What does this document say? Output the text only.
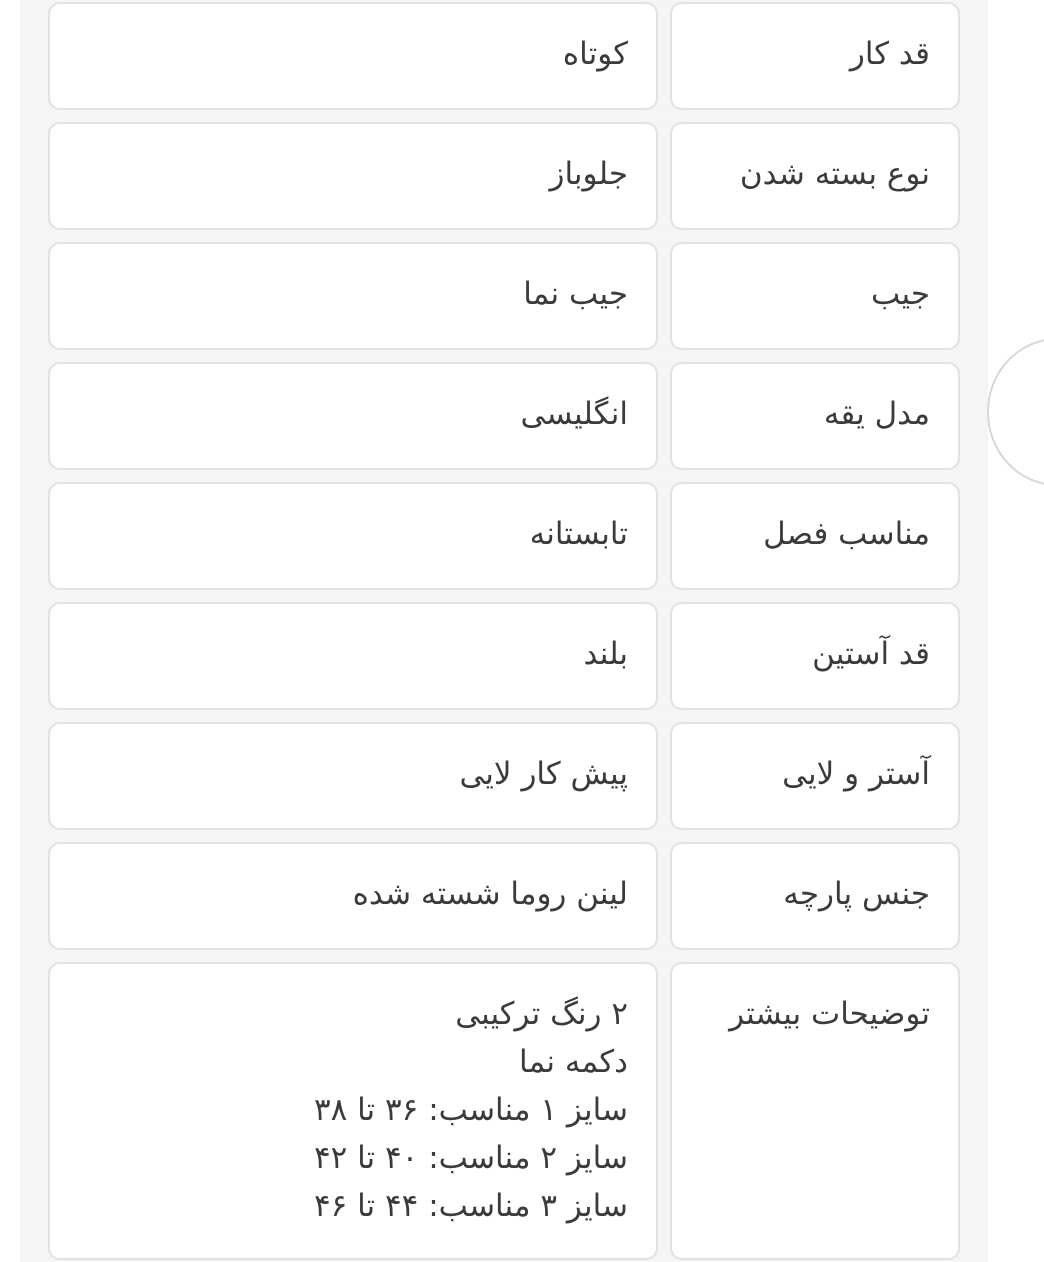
قد کار
کوتاه
نوع بسته شدن
جلوباز
جیب
جیب نما
مدل یقه
انگلیسی
مناسب فصل
تابستانه
قد آستین
بلند
آستر و لایی
پیش کار لایی
جنس پارچه
لینن روما شسته شده
توضیحات بیشتر
۲ رنگ ترکیبی
دکمه نما
سایز ۱ مناسب: ۳۶ تا ۳۸
سایز ۲ مناسب: ۴۰ تا ۴۲
سایز ۳ مناسب: ۴۴ تا ۴۶
